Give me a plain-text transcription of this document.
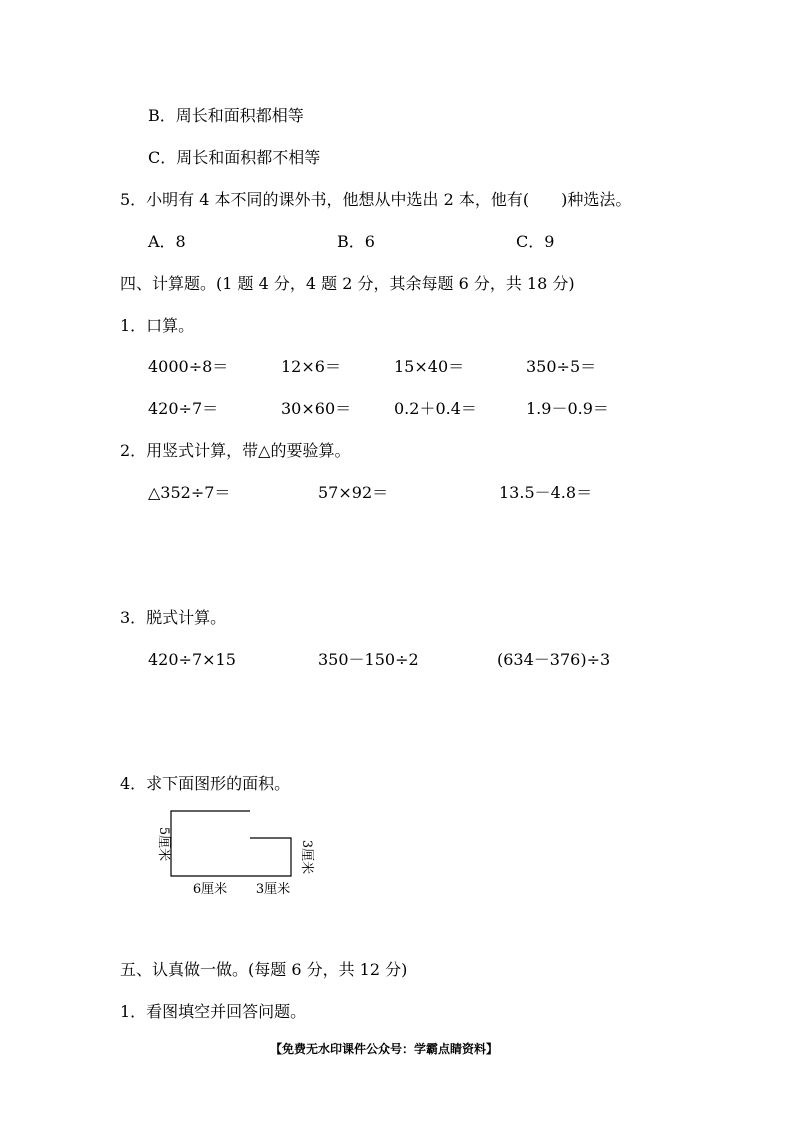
B．周长和面积都相等
C．周长和面积都不相等
5．小明有 4 本不同的课外书，他想从中选出 2 本，他有(　　)种选法。
A．8	B．6	C．9
四、计算题。(1 题 4 分，4 题 2 分，其余每题 6 分，共 18 分)
1．口算。
4000÷8＝	12×6＝	15×40＝	350÷5＝
420÷7＝	30×60＝	0.2＋0.4＝	1.9－0.9＝
2．用竖式计算，带△的要验算。
△352÷7＝	57×92＝	13.5－4.8＝
3．脱式计算。
420÷7×15	350－150÷2	(634－376)÷3
4．求下面图形的面积。
5厘米	3厘米
6厘米 3厘米
五、认真做一做。(每题 6 分，共 12 分)
1．看图填空并回答问题。
【免费无水印课件公众号：学霸点睛资料】
